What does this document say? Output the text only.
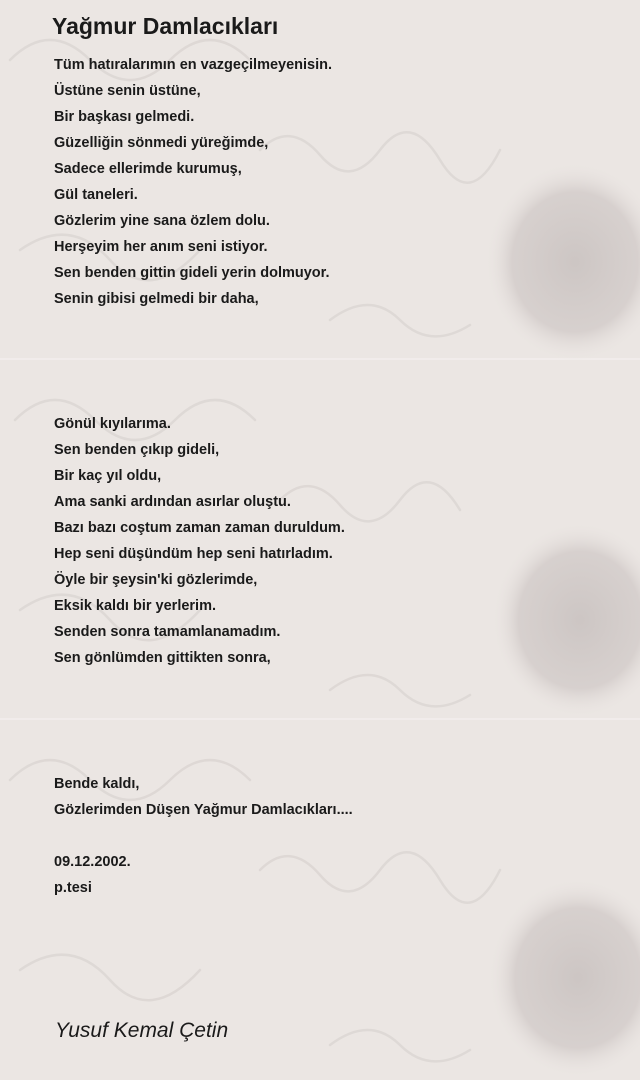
Yağmur Damlacıkları
Tüm hatıralarımın en vazgeçilmeyenisin.
Üstüne senin üstüne,
Bir başkası gelmedi.
Güzelliğin sönmedi yüreğimde,
Sadece ellerimde kurumuş,
Gül taneleri.
Gözlerim yine sana özlem dolu.
Herşeyim her anım seni istiyor.
Sen benden gittin gideli yerin dolmuyor.
Senin gibisi gelmedi bir daha,
Gönül kıyılarıma.
Sen benden çıkıp gideli,
Bir kaç yıl oldu,
Ama sanki ardından asırlar oluştu.
Bazı bazı coştum zaman zaman duruldum.
Hep seni düşündüm hep seni hatırladım.
Öyle bir şeysin'ki gözlerimde,
Eksik kaldı bir yerlerim.
Senden sonra tamamlanamadım.
Sen gönlümden gittikten sonra,
Bende kaldı,
Gözlerimden Düşen Yağmur Damlacıkları....
09.12.2002.
p.tesi

Yusuf Kemal Çetin
